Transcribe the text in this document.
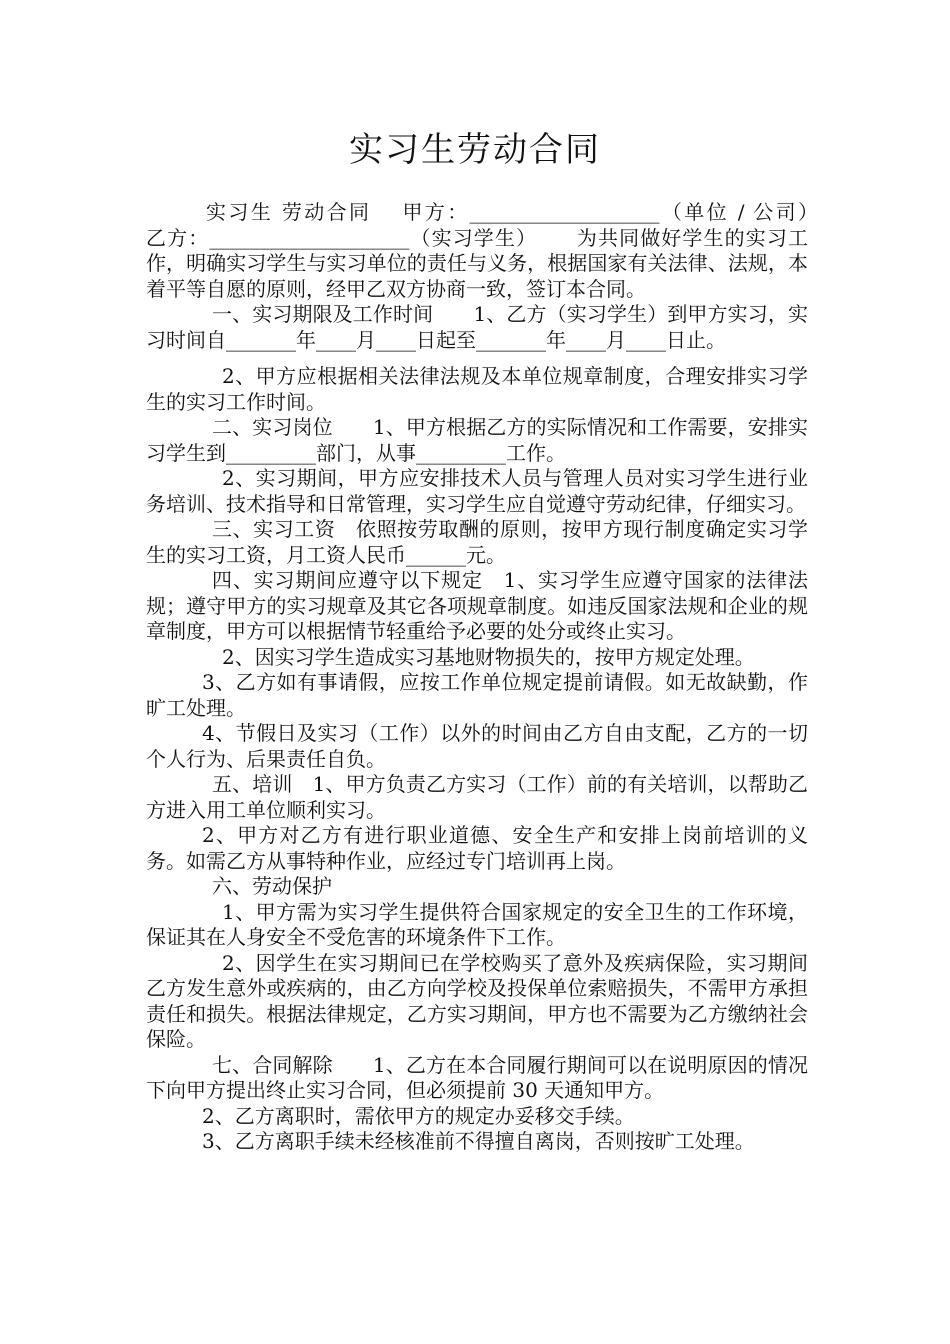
实习生劳动合同

实习生 劳动合同　 甲方：___________________（单位 / 公司）　 　乙方：____________________（实习学生）　 　为共同做好学生的实习工作，明确实习学生与实习单位的责任与义务，根据国家有关法律、法规，本着平等自愿的原则，经甲乙双方协商一致，签订本合同。

一、实习期限及工作时间　　1、乙方（实习学生）到甲方实习，实习时间自_______年____月____日起至_______年____月____日止。

2、甲方应根据相关法律法规及本单位规章制度，合理安排实习学生的实习工作时间。

二、实习岗位　　1、甲方根据乙方的实际情况和工作需要，安排实习学生到_________部门，从事_________工作。

2、实习期间，甲方应安排技术人员与管理人员对实习学生进行业务培训、技术指导和日常管理，实习学生应自觉遵守劳动纪律，仔细实习。

三、实习工资　依照按劳取酬的原则，按甲方现行制度确定实习学生的实习工资，月工资人民币______元。

四、实习期间应遵守以下规定　1、实习学生应遵守国家的法律法规；遵守甲方的实习规章及其它各项规章制度。如违反国家法规和企业的规章制度，甲方可以根据情节轻重给予必要的处分或终止实习。

2、因实习学生造成实习基地财物损失的，按甲方规定处理。

3、乙方如有事请假，应按工作单位规定提前请假。如无故缺勤，作旷工处理。

4、节假日及实习（工作）以外的时间由乙方自由支配，乙方的一切个人行为、后果责任自负。

五、培训　1、甲方负责乙方实习（工作）前的有关培训，以帮助乙方进入用工单位顺利实习。

2、甲方对乙方有进行职业道德、安全生产和安排上岗前培训的义务。如需乙方从事特种作业，应经过专门培训再上岗。

六、劳动保护

1、甲方需为实习学生提供符合国家规定的安全卫生的工作环境，保证其在人身安全不受危害的环境条件下工作。

2、因学生在实习期间已在学校购买了意外及疾病保险，实习期间乙方发生意外或疾病的，由乙方向学校及投保单位索赔损失，不需甲方承担责任和损失。根据法律规定，乙方实习期间，甲方也不需要为乙方缴纳社会保险。

七、合同解除　　1、乙方在本合同履行期间可以在说明原因的情况下向甲方提出终止实习合同，但必须提前 30 天通知甲方。

2、乙方离职时，需依甲方的规定办妥移交手续。

3、乙方离职手续未经核准前不得擅自离岗，否则按旷工处理。
